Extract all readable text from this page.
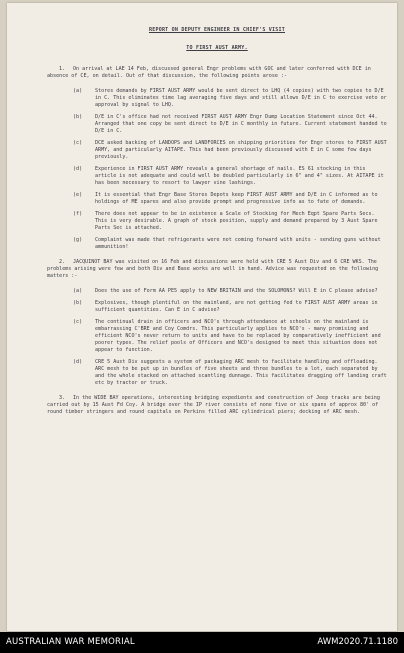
REPORT ON DEPUTY ENGINEER IN CHIEF'S VISIT

TO FIRST AUST ARMY.

1. On arrival at LAE 14 Feb, discussed general Engr problems with GOC and later conferred with DCE in absence of CE, on detail. Out of that discussion, the following points arose :-

(a)	Stores demands by FIRST AUST ARMY would be sent direct to LHQ (4 copies) with two copies to D/E in C. This eliminates time lag averaging five days and still allows D/E in C to exercise veto or approval by signal to LHQ.
(b)	D/E in C's office had not received FIRST AUST ARMY Engr Dump Location Statement since Oct 44. Arranged that one copy be sent direct to D/E in C monthly in future. Current statement handed to D/E in C.
(c)	DCE asked backing of LANDOPS and LANDFORCES on shipping priorities for Engr stores to FIRST AUST ARMY, and particularly AITAPE. This had been previously discussed with E in C some few days previously.
(d)	Experience in FIRST AUST ARMY reveals a general shortage of nails. ES 61 stocking in this article is not adequate and could well be doubled particularly in 6" and 4" sizes. At AITAPE it has been necessary to resort to lawyer vine lashings.
(e)	It is essential that Engr Base Stores Depots keep FIRST AUST ARMY and D/E in C informed as to holdings of ME spares and also provide prompt and progressive info as to fate of demands.
(f)	There does not appear to be in existence a Scale of Stocking for Mech Eqpt Spare Parts Secs. This is very desirable. A graph of stock position, supply and demand prepared by 3 Aust Spare Parts Sec is attached.
(g)	Complaint was made that refrigerants were not coming forward with units - sending guns without ammunition!

2. JACQUINOT BAY was visited on 16 Feb and discussions were held with CRE 5 Aust Div and 6 CRE WKS. The problems arising were few and both Div and Base works are well in hand. Advice was requested on the following matters :-

(a)	Does the use of Form AA PE5 apply to NEW BRITAIN and the SOLOMONS? Will E in C please advise?
(b)	Explosives, though plentiful on the mainland, are not getting fed to FIRST AUST ARMY areas in sufficient quantities. Can E in C advise?
(c)	The continual drain in officers and NCO's through attendance at schools on the mainland is embarrassing C'BRE and Coy Comdrs. This particularly applies to NCO's - many promising and efficient NCO's never return to units and have to be replaced by comparatively inefficient and poorer types. The relief pools of Officers and NCO's designed to meet this situation does not appear to function.
(d)	CRE 5 Aust Div suggests a system of packaging ARC mesh to facilitate handling and offloading. ARC mesh to be put up in bundles of five sheets and three bundles to a lot, each separated by and the whole stacked on attached scantling dunnage. This facilitates dragging off landing craft etc by tractor or truck.

3. In the WIDE BAY operations, interesting bridging expedients and construction of Jeep tracks are being carried out by 15 Aust Fd Coy. A bridge over the IP river consists of none five or six spans of approx 80' of round timber stringers and round capitals on Perkins filled ARC cylindrical piers; decking of ARC mesh.

AUSTRALIAN WAR MEMORIAL	AWM2020.71.1180
